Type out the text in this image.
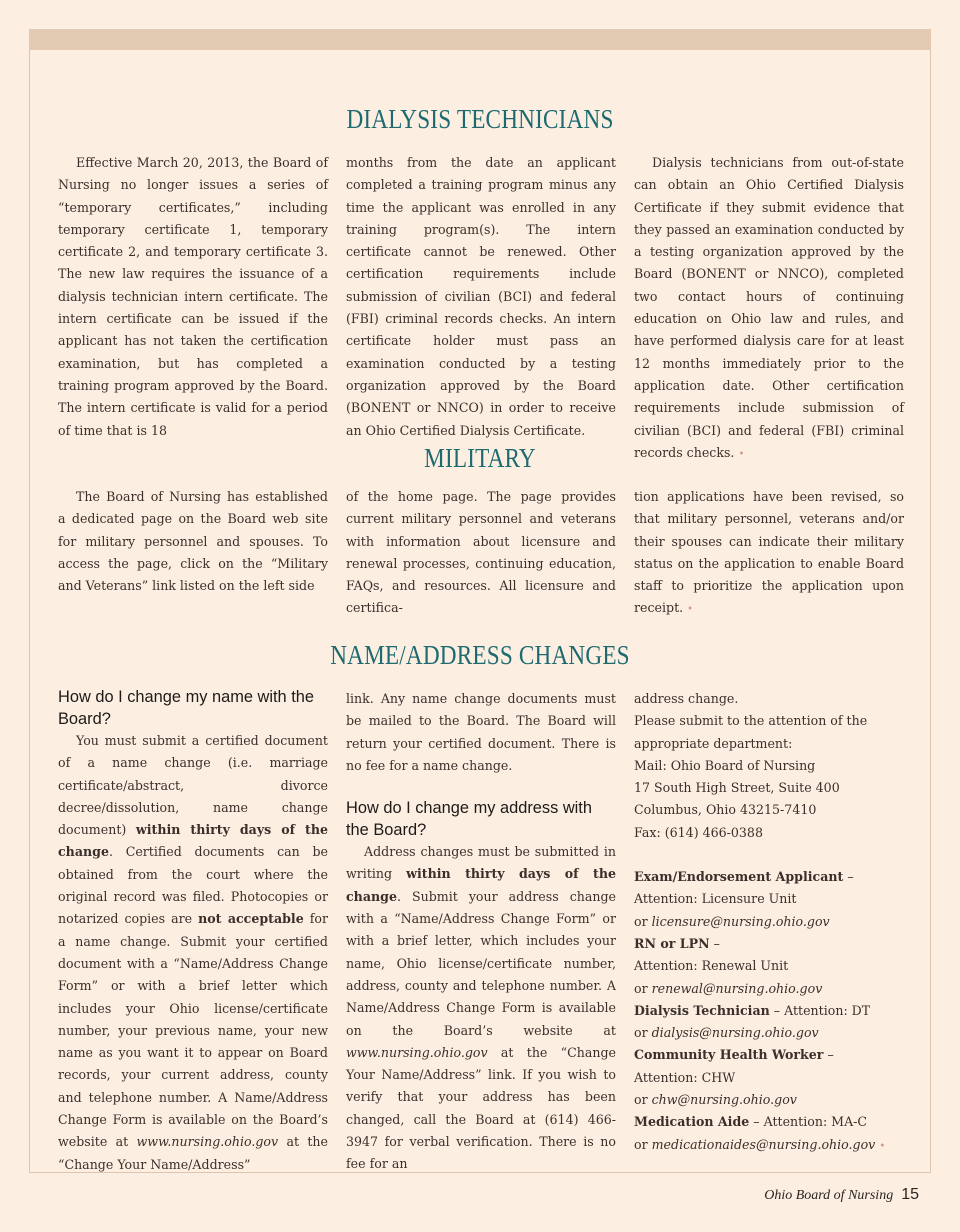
DIALYSIS TECHNICIANS

Effective March 20, 2013, the Board of Nursing no longer issues a series of “temporary certificates,” including temporary certificate 1, temporary certificate 2, and temporary certificate 3. The new law requires the issuance of a dialysis technician intern certificate. The intern certificate can be issued if the applicant has not taken the certification examination, but has completed a training program approved by the Board. The intern certificate is valid for a period of time that is 18

months from the date an applicant completed a training program minus any time the applicant was enrolled in any training program(s). The intern certificate cannot be renewed. Other certification requirements include submission of civilian (BCI) and federal (FBI) criminal records checks. An intern certificate holder must pass an examination conducted by a testing organization approved by the Board (BONENT or NNCO) in order to receive an Ohio Certified Dialysis Certificate.

Dialysis technicians from out-of-state can obtain an Ohio Certified Dialysis Certificate if they submit evidence that they passed an examination conducted by a testing organization approved by the Board (BONENT or NNCO), completed two contact hours of continuing education on Ohio law and rules, and have performed dialysis care for at least 12 months immediately prior to the application date. Other certification requirements include submission of civilian (BCI) and federal (FBI) criminal records checks. •

MILITARY

The Board of Nursing has established a dedicated page on the Board web site for military personnel and spouses. To access the page, click on the “Military and Veterans” link listed on the left side

of the home page. The page provides current military personnel and veterans with information about licensure and renewal processes, continuing education, FAQs, and resources. All licensure and certifica-

tion applications have been revised, so that military personnel, veterans and/or their spouses can indicate their military status on the application to enable Board staff to prioritize the application upon receipt. •

NAME/ADDRESS CHANGES

How do I change my name with the Board?

You must submit a certified document of a name change (i.e. marriage certificate/abstract, divorce decree/dissolution, name change document) within thirty days of the change. Certified documents can be obtained from the court where the original record was filed. Photocopies or notarized copies are not acceptable for a name change. Submit your certified document with a “Name/Address Change Form” or with a brief letter which includes your Ohio license/certificate number, your previous name, your new name as you want it to appear on Board records, your current address, county and telephone number. A Name/Address Change Form is available on the Board’s website at www.nursing.ohio.gov at the “Change Your Name/Address”

link. Any name change documents must be mailed to the Board. The Board will return your certified document. There is no fee for a name change.

How do I change my address with the Board?

Address changes must be submitted in writing within thirty days of the change. Submit your address change with a “Name/Address Change Form” or with a brief letter, which includes your name, Ohio license/certificate number, address, county and telephone number. A Name/Address Change Form is available on the Board’s website at www.nursing.ohio.gov at the “Change Your Name/Address” link. If you wish to verify that your address has been changed, call the Board at (614) 466-3947 for verbal verification. There is no fee for an

address change.

Please submit to the attention of the appropriate department:

Mail: Ohio Board of Nursing

17 South High Street, Suite 400

Columbus, Ohio 43215-7410

Fax: (614) 466-0388

Exam/Endorsement Applicant –

Attention: Licensure Unit

or licensure@nursing.ohio.gov

RN or LPN –

Attention: Renewal Unit

or renewal@nursing.ohio.gov

Dialysis Technician – Attention: DT

or dialysis@nursing.ohio.gov

Community Health Worker –

Attention: CHW

or chw@nursing.ohio.gov

Medication Aide – Attention: MA-C

or medicationaides@nursing.ohio.gov •

Ohio Board of Nursing 15
